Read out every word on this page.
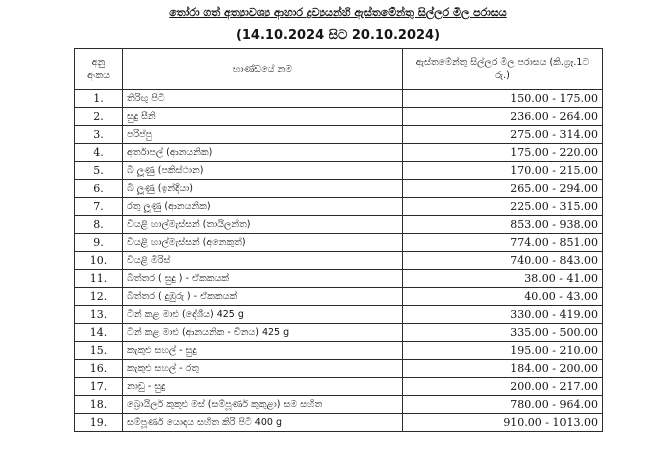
තෝරා ගත් අත්‍යාවශ්‍ය ආහාර ද්‍රව්‍යයන්හි ඇස්තමේන්තු සිල්ලර මිල පරාසය
(14.10.2024 සිට 20.10.2024)
අනු අංකය	භාණ්ඩයේ නම	ඇස්තමේන්තු සිල්ලර මිල පරාසය (කි.ග්‍රෑ.1ට රු.)
1.	තිරිඟු පිටි	150.00 - 175.00
2.	සුදු සීනි	236.00 - 264.00
3.	පරිප්පු	275.00 - 314.00
4.	අර්තාපල් (ආනයනික)	175.00 - 220.00
5.	බී ලූණු (පකිස්ථාන)	170.00 - 215.00
6.	බී ලූණු (ඉන්දියා)	265.00 - 294.00
7.	රතු ලූණු (ආනයනික)	225.00 - 315.00
8.	වියළි හාල්මැස්සන් (තායිලන්ත)	853.00 - 938.00
9.	වියළි හාල්මැස්සන් (අනෙකුත්)	774.00 - 851.00
10.	වියළි මිරිස්	740.00 - 843.00
11.	බිත්තර ( සුදු ) - ඒකකයක්	38.00 - 41.00
12.	බිත්තර ( දුඹුරු ) - ඒකකයක්	40.00 - 43.00
13.	ටින් කළ මාළු (දේශීය) 425 g	330.00 - 419.00
14.	ටින් කළ මාළු (ආනයනික - චීනය) 425 g	335.00 - 500.00
15.	කැකුළු සහල් - සුදු	195.00 - 210.00
16.	කැකුළු සහල් - රතු	184.00 - 200.00
17.	නාඩු - සුදු	200.00 - 217.00
18.	බ්‍රොයිලර් කුකුළු මස් (සම්පූර්ණ කුකුළා) සම සහිත	780.00 - 964.00
19.	සම්පූර්ණ යොදය සහිත කිරි පිටි 400 g	910.00 - 1013.00
